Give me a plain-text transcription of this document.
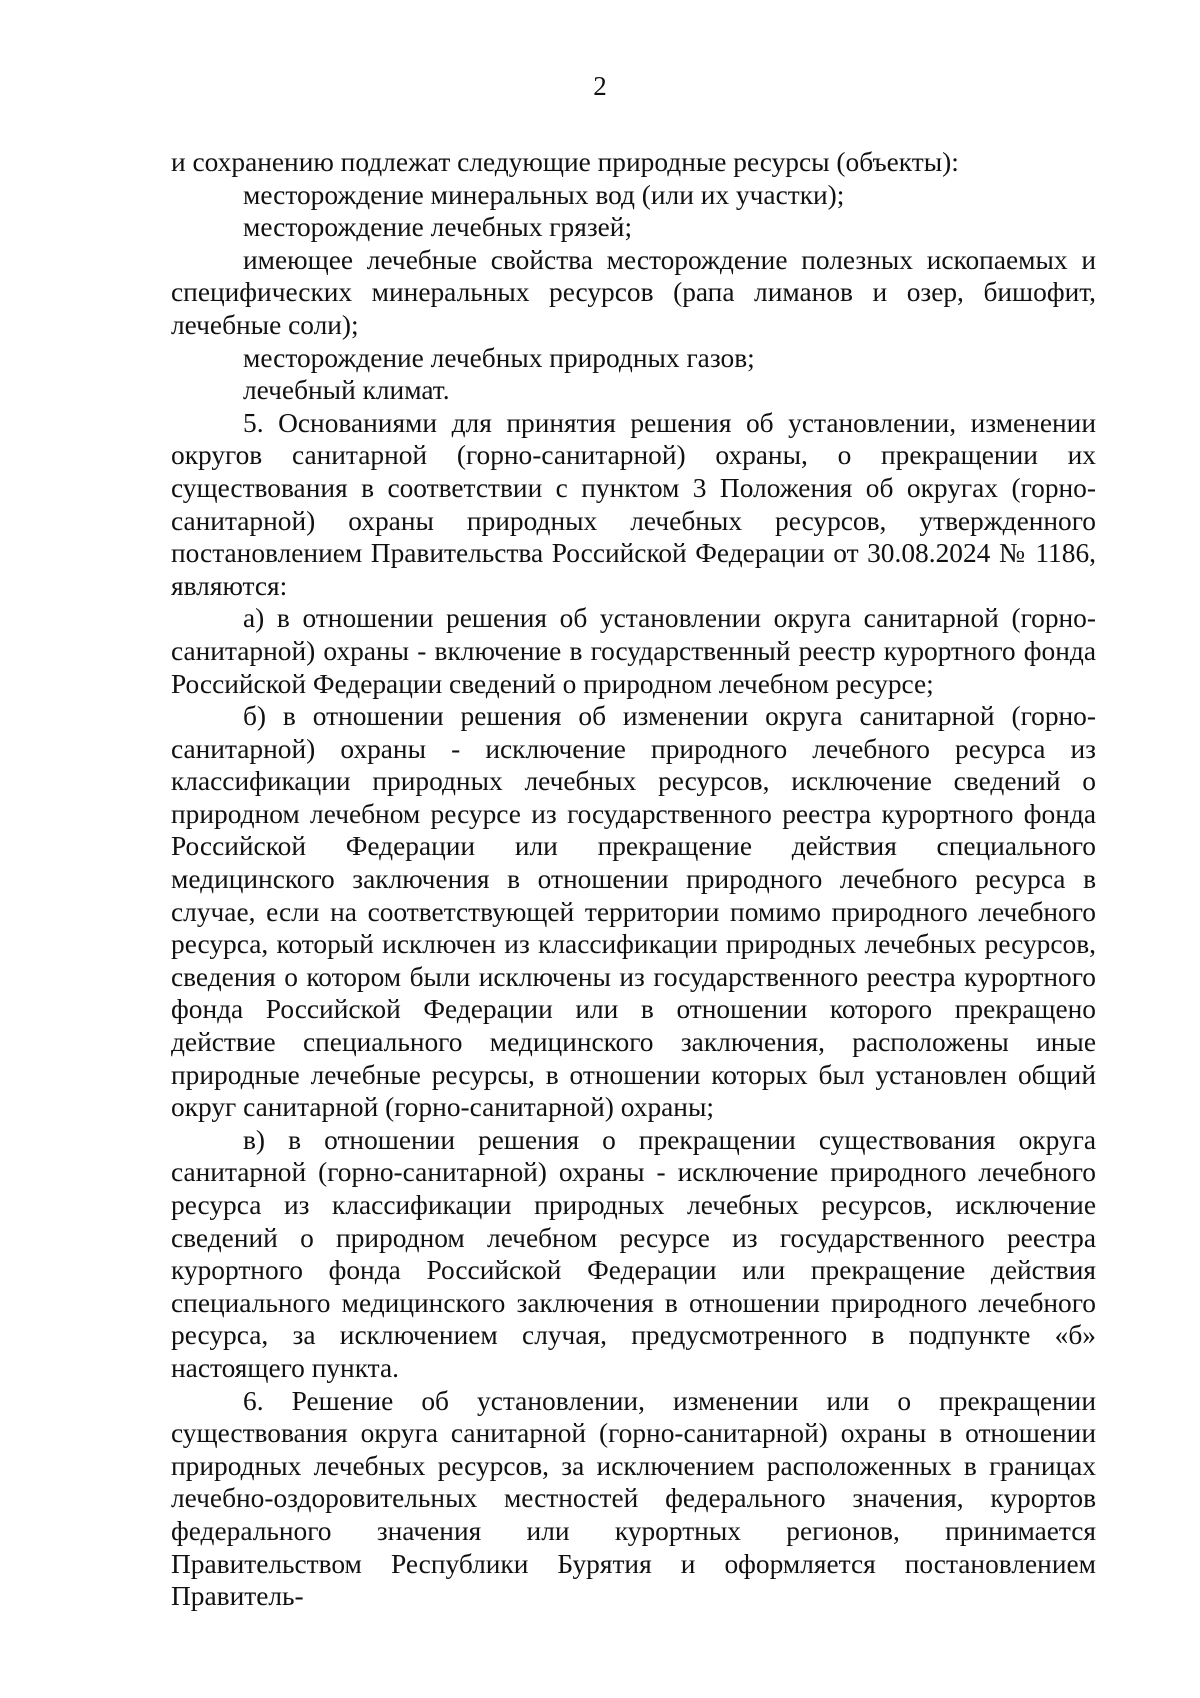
2

и сохранению подлежат следующие природные ресурсы (объекты):

месторождение минеральных вод (или их участки);

месторождение лечебных грязей;

имеющее лечебные свойства месторождение полезных ископаемых и специфических минеральных ресурсов (рапа лиманов и озер, бишофит, лечебные соли);

месторождение лечебных природных газов;

лечебный климат.

5. Основаниями для принятия решения об установлении, изменении округов санитарной (горно-санитарной) охраны, о прекращении их существования в соответствии с пунктом 3 Положения об округах (горно-санитарной) охраны природных лечебных ресурсов, утвержденного постановлением Правительства Российской Федерации от 30.08.2024 № 1186, являются:

а) в отношении решения об установлении округа санитарной (горно-санитарной) охраны - включение в государственный реестр курортного фонда Российской Федерации сведений о природном лечебном ресурсе;

б) в отношении решения об изменении округа санитарной (горно-санитарной) охраны - исключение природного лечебного ресурса из классификации природных лечебных ресурсов, исключение сведений о природном лечебном ресурсе из государственного реестра курортного фонда Российской Федерации или прекращение действия специального медицинского заключения в отношении природного лечебного ресурса в случае, если на соответствующей территории помимо природного лечебного ресурса, который исключен из классификации природных лечебных ресурсов, сведения о котором были исключены из государственного реестра курортного фонда Российской Федерации или в отношении которого прекращено действие специального медицинского заключения, расположены иные природные лечебные ресурсы, в отношении которых был установлен общий округ санитарной (горно-санитарной) охраны;

в) в отношении решения о прекращении существования округа санитарной (горно-санитарной) охраны - исключение природного лечебного ресурса из классификации природных лечебных ресурсов, исключение сведений о природном лечебном ресурсе из государственного реестра курортного фонда Российской Федерации или прекращение действия специального медицинского заключения в отношении природного лечебного ресурса, за исключением случая, предусмотренного в подпункте «б» настоящего пункта.

6. Решение об установлении, изменении или о прекращении существования округа санитарной (горно-санитарной) охраны в отношении природных лечебных ресурсов, за исключением расположенных в границах лечебно-оздоровительных местностей федерального значения, курортов федерального значения или курортных регионов, принимается Правительством Республики Бурятия и оформляется постановлением Правитель-
